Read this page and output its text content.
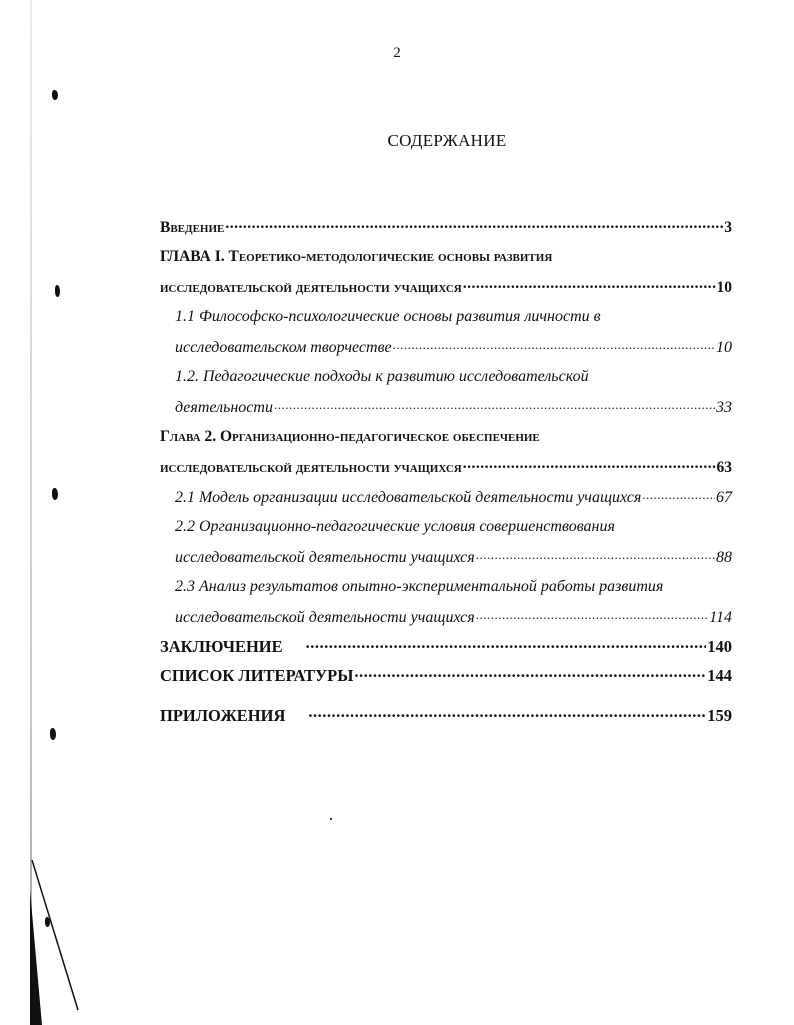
2
СОДЕРЖАНИЕ
Введение .....	3
ГЛАВА I. Теоретико-методологические основы развития
исследовательской деятельности учащихся .....	10
1.1 Философско-психологические основы развития личности в
исследовательском творчестве .....	10
1.2. Педагогические подходы к развитию исследовательской
деятельности .....	33
Глава 2. Организационно-педагогическое обеспечение
исследовательской деятельности учащихся .....	63
2.1 Модель организации исследовательской деятельности учащихся .....	67
2.2 Организационно-педагогические условия совершенствования
исследовательской деятельности учащихся .....	88
2.3 Анализ результатов опытно-экспериментальной работы развития
исследовательской деятельности учащихся .....	114
ЗАКЛЮЧЕНИЕ .....	140
СПИСОК ЛИТЕРАТУРЫ .....	144
ПРИЛОЖЕНИЯ .....	159
